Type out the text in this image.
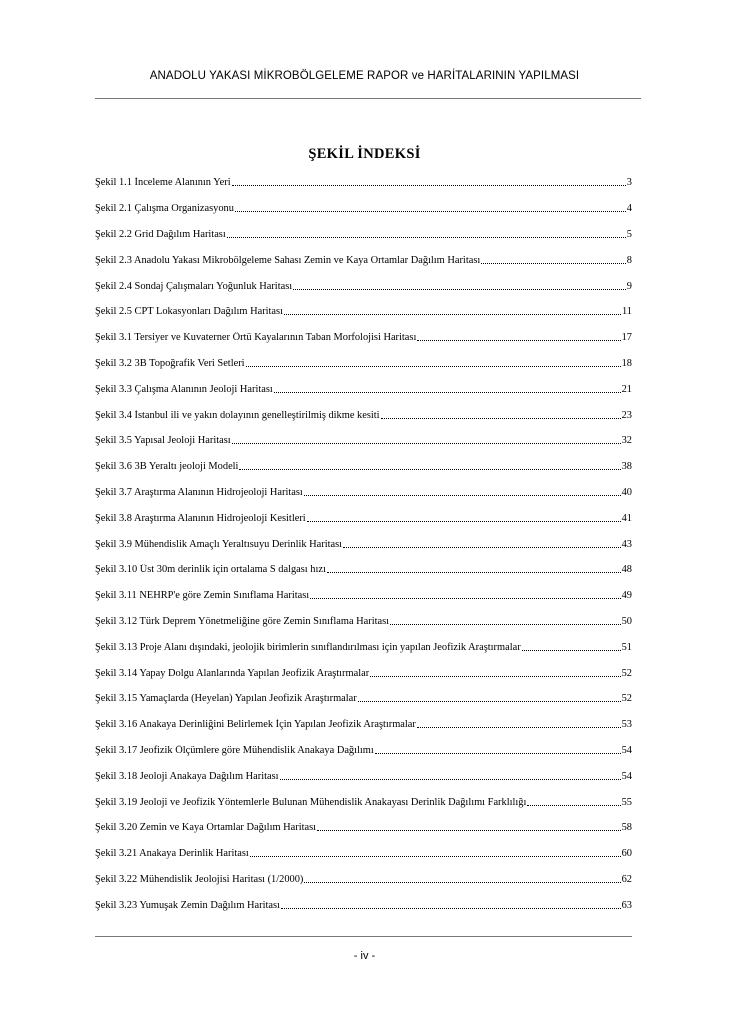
ANADOLU YAKASI MİKROBÖLGELEME RAPOR ve HARİTALARININ YAPILMASI
ŞEKİL İNDEKSİ
Şekil 1.1 İnceleme Alanının Yeri	3
Şekil 2.1 Çalışma Organizasyonu	4
Şekil 2.2 Grid Dağılım Haritası	5
Şekil 2.3 Anadolu Yakası Mikrobölgeleme Sahası Zemin ve Kaya Ortamlar Dağılım Haritası	8
Şekil 2.4 Sondaj Çalışmaları Yoğunluk Haritası	9
Şekil 2.5 CPT Lokasyonları Dağılım Haritası	11
Şekil 3.1 Tersiyer ve Kuvaterner Örtü Kayalarının Taban Morfolojisi Haritası	17
Şekil 3.2 3B Topoğrafik Veri Setleri	18
Şekil 3.3 Çalışma Alanının Jeoloji Haritası	21
Şekil 3.4 İstanbul ili ve yakın dolayının genelleştirilmiş dikme kesiti	23
Şekil 3.5 Yapısal Jeoloji Haritası	32
Şekil 3.6 3B Yeraltı jeoloji Modeli	38
Şekil 3.7 Araştırma Alanının Hidrojeoloji Haritası	40
Şekil 3.8 Araştırma Alanının Hidrojeoloji Kesitleri	41
Şekil 3.9 Mühendislik Amaçlı Yeraltısuyu Derinlik Haritası	43
Şekil 3.10 Üst 30m derinlik için ortalama S dalgası hızı	48
Şekil 3.11 NEHRP'e göre Zemin Sınıflama Haritası	49
Şekil 3.12 Türk Deprem Yönetmeliğine göre Zemin Sınıflama Haritası	50
Şekil 3.13 Proje Alanı dışındaki, jeolojik birimlerin sınıflandırılması için yapılan Jeofizik Araştırmalar	51
Şekil 3.14 Yapay Dolgu Alanlarında Yapılan Jeofizik Araştırmalar	52
Şekil 3.15 Yamaçlarda (Heyelan) Yapılan Jeofizik Araştırmalar	52
Şekil 3.16 Anakaya Derinliğini Belirlemek İçin Yapılan Jeofizik Araştırmalar	53
Şekil 3.17 Jeofizik Ölçümlere göre Mühendislik Anakaya Dağılımı	54
Şekil 3.18 Jeoloji Anakaya Dağılım Haritası	54
Şekil 3.19 Jeoloji ve Jeofizik Yöntemlerle Bulunan Mühendislik Anakayası Derinlik Dağılımı Farklılığı	55
Şekil 3.20 Zemin ve Kaya Ortamlar Dağılım Haritası	58
Şekil 3.21 Anakaya Derinlik Haritası	60
Şekil 3.22 Mühendislik Jeolojisi Haritası (1/2000)	62
Şekil 3.23 Yumuşak Zemin Dağılım Haritası	63
- iv -
